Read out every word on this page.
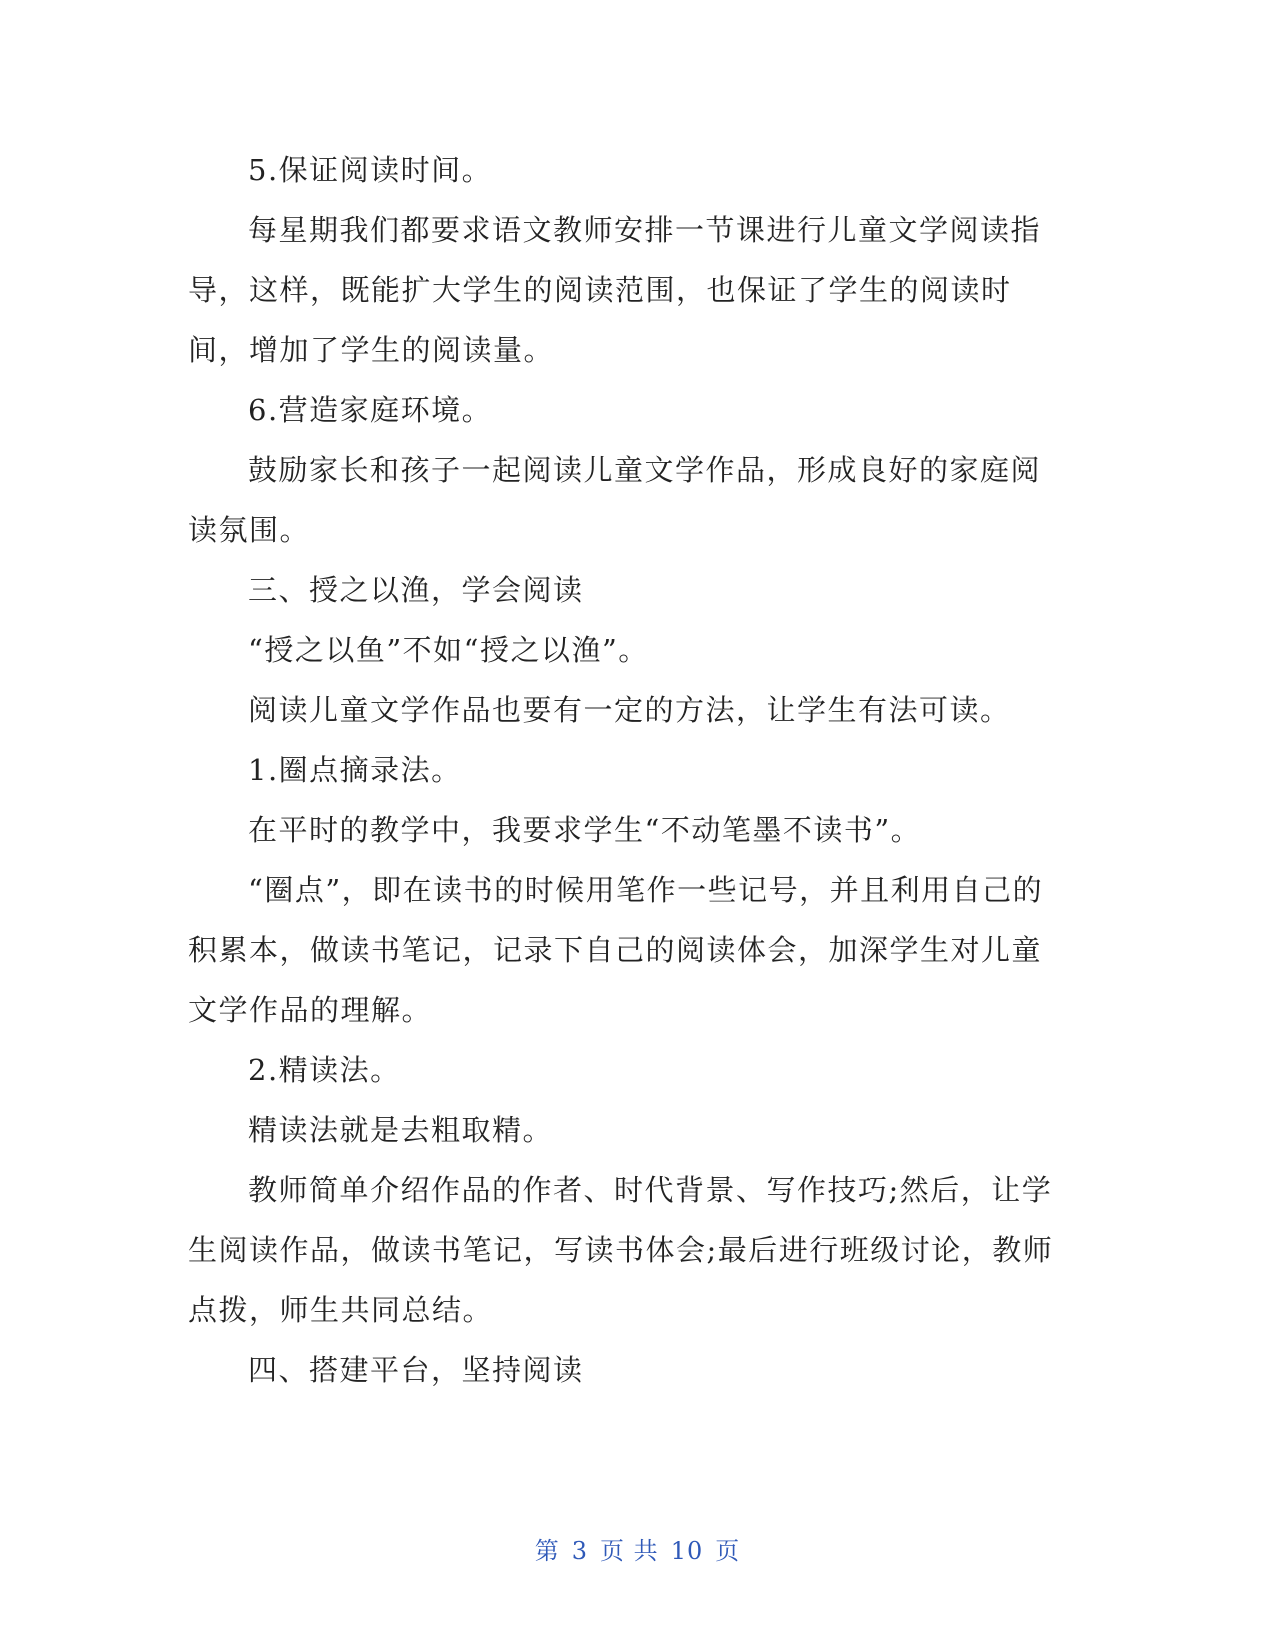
5.保证阅读时间。

每星期我们都要求语文教师安排一节课进行儿童文学阅读指导，这样，既能扩大学生的阅读范围，也保证了学生的阅读时间，增加了学生的阅读量。

6.营造家庭环境。

鼓励家长和孩子一起阅读儿童文学作品，形成良好的家庭阅读氛围。

三、授之以渔，学会阅读

“授之以鱼”不如“授之以渔”。

阅读儿童文学作品也要有一定的方法，让学生有法可读。

1.圈点摘录法。

在平时的教学中，我要求学生“不动笔墨不读书”。

“圈点”，即在读书的时候用笔作一些记号，并且利用自己的积累本，做读书笔记，记录下自己的阅读体会，加深学生对儿童文学作品的理解。

2.精读法。

精读法就是去粗取精。

教师简单介绍作品的作者、时代背景、写作技巧;然后，让学生阅读作品，做读书笔记，写读书体会;最后进行班级讨论，教师点拨，师生共同总结。

四、搭建平台，坚持阅读

第 3 页 共 10 页
